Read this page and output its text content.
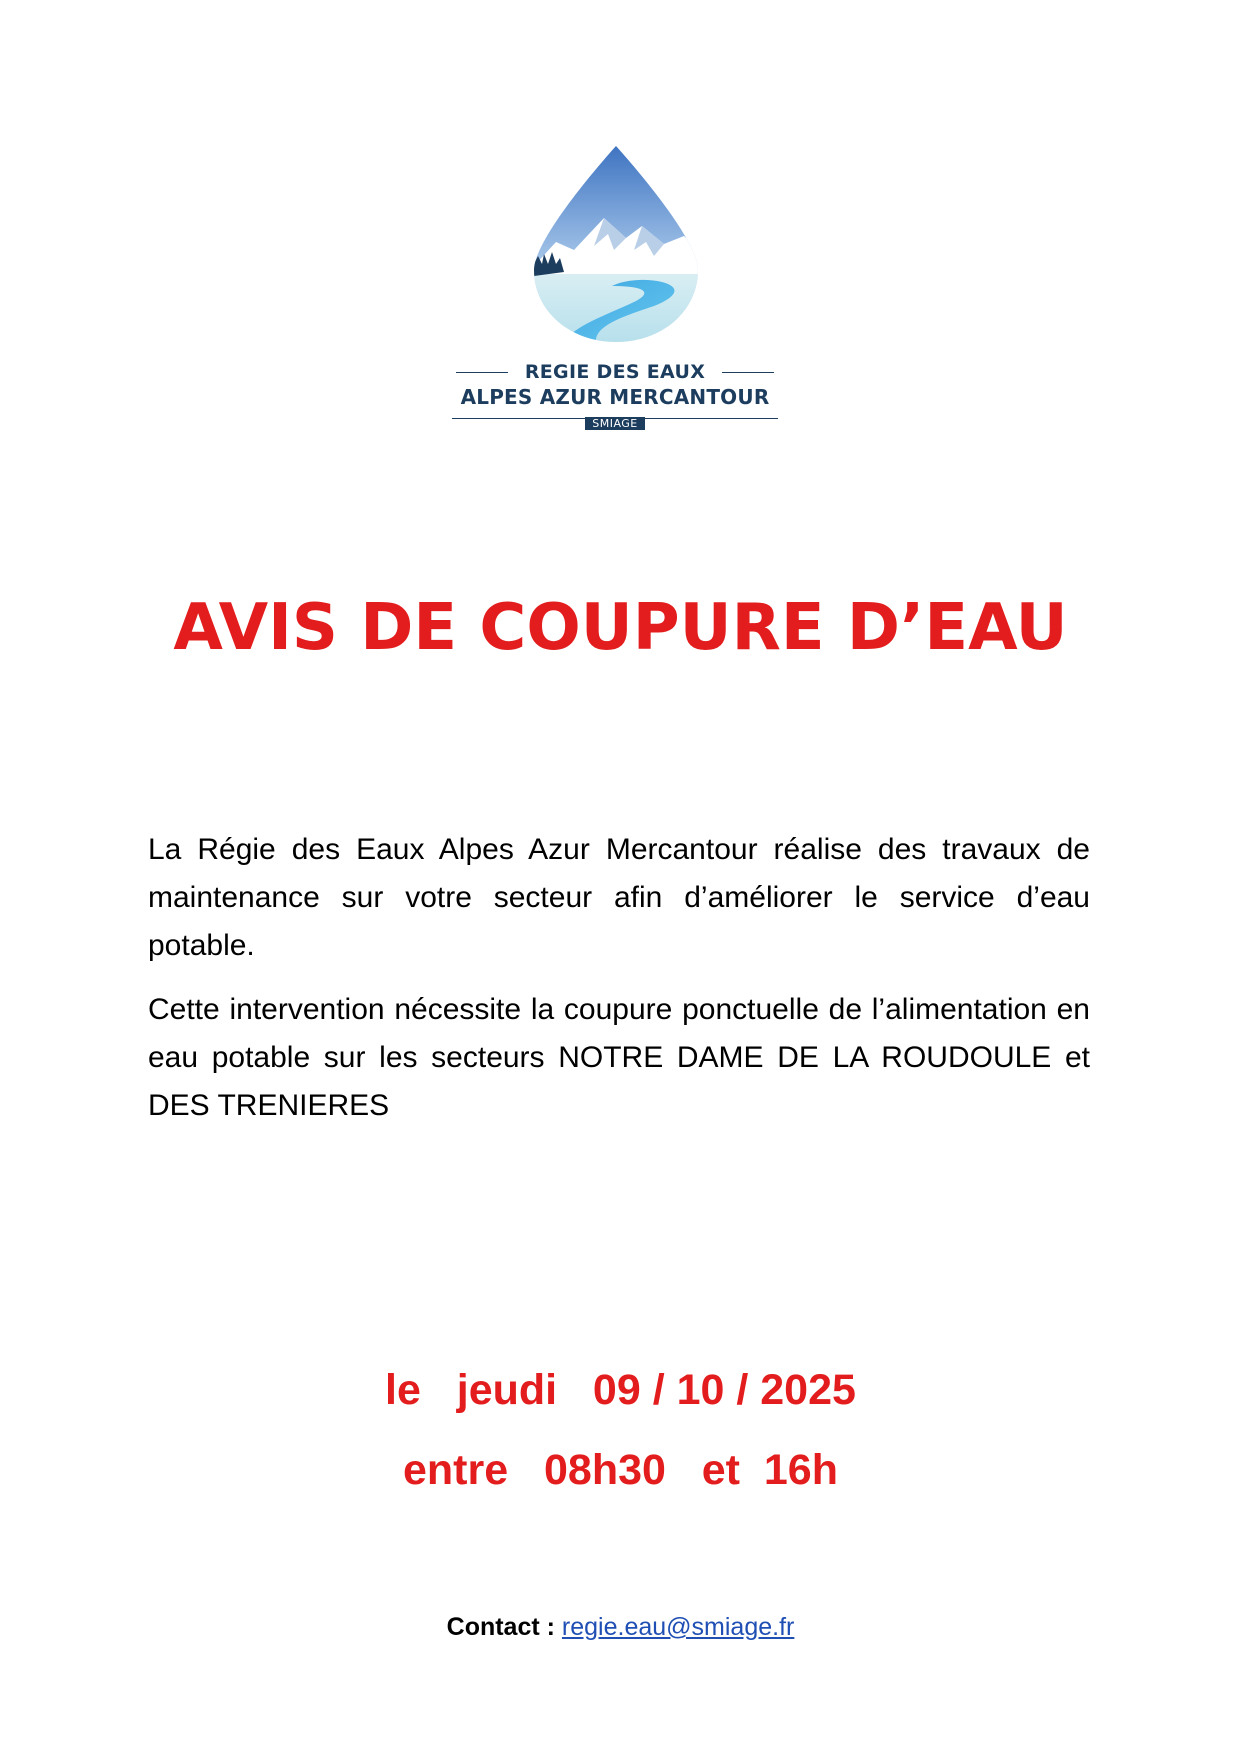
REGIE DES EAUX
ALPES AZUR MERCANTOUR
SMIAGE
AVIS DE COUPURE D’EAU

La Régie des Eaux Alpes Azur Mercantour réalise des travaux de maintenance sur votre secteur afin d’améliorer le service d’eau potable.

Cette intervention nécessite la coupure ponctuelle de l’alimentation en eau potable sur les secteurs NOTRE DAME DE LA ROUDOULE et DES TRENIERES

le   jeudi   09 / 10 / 2025
entre   08h30   et  16h
Contact : regie.eau@smiage.fr
